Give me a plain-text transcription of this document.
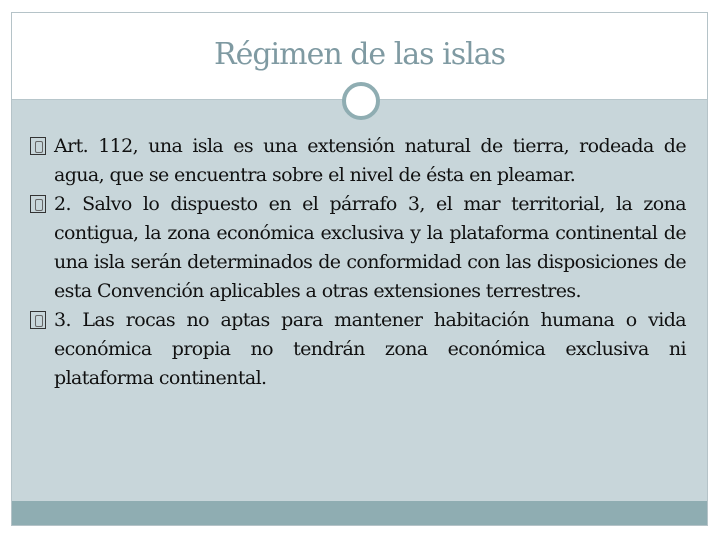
Régimen de las islas
Art. 112, una isla es una extensión natural de tierra, rodeada de agua, que se encuentra sobre el nivel de ésta en pleamar.
2. Salvo lo dispuesto en el párrafo 3, el mar territorial, la zona contigua, la zona económica exclusiva y la plataforma continental de una isla serán determinados de conformidad con las disposiciones de esta Convención aplicables a otras extensiones terrestres.
3. Las rocas no aptas para mantener habitación humana o vida económica propia no tendrán zona económica exclusiva ni plataforma continental.
